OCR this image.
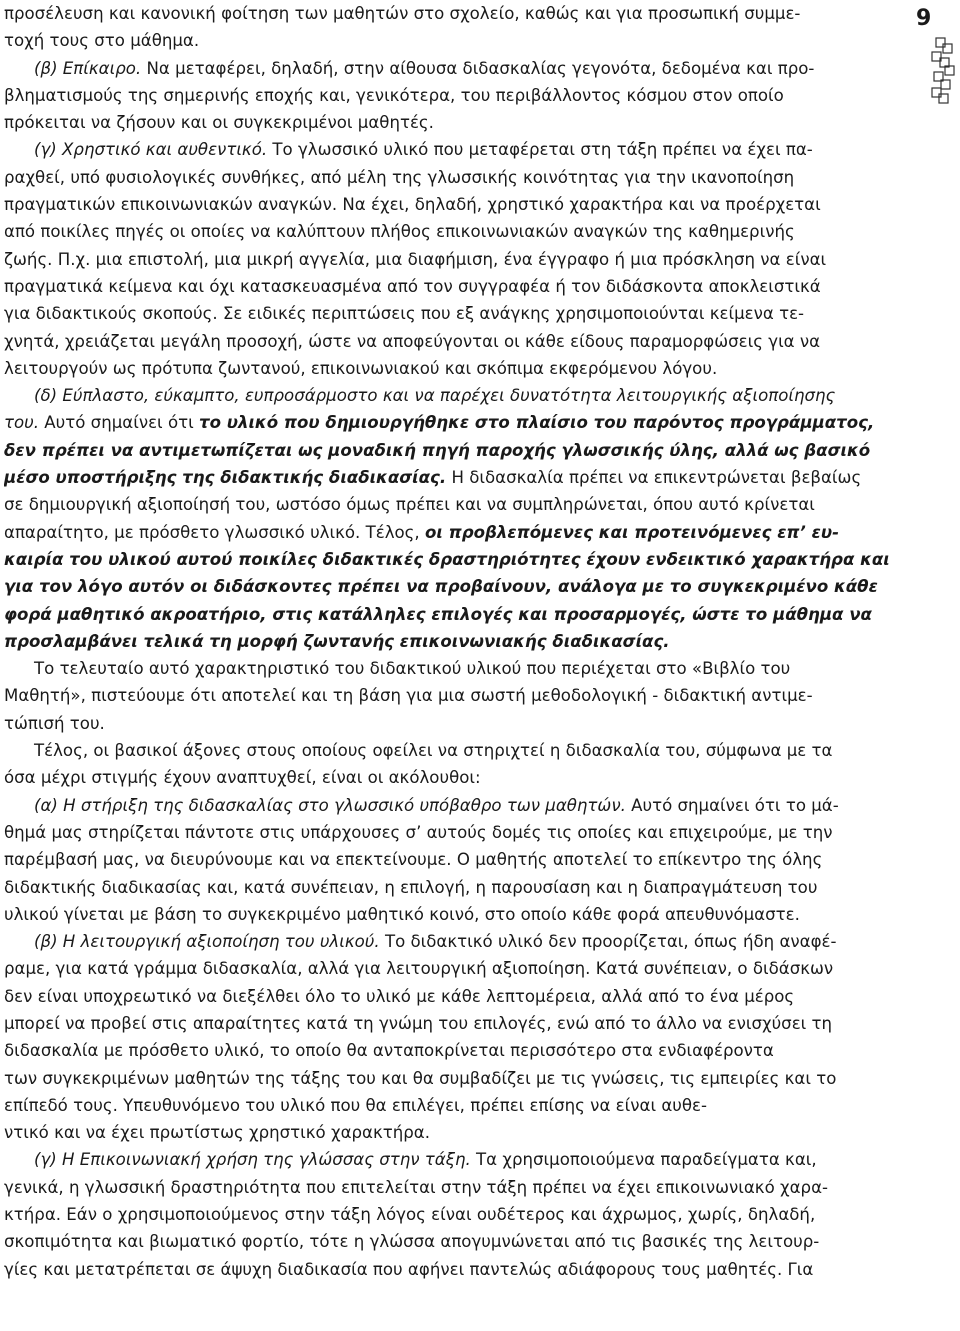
9
προσέλευση και κανονική φοίτηση των μαθητών στο σχολείο, καθώς και για προσωπική συμμε-
τοχή τους στο μάθημα.
(β) Επίκαιρο. Να μεταφέρει, δηλαδή, στην αίθουσα διδασκαλίας γεγονότα, δεδομένα και προ-
βληματισμούς της σημερινής εποχής και, γενικότερα, του περιβάλλοντος κόσμου στον οποίο
πρόκειται να ζήσουν και οι συγκεκριμένοι μαθητές.
(γ) Χρηστικό και αυθεντικό. Το γλωσσικό υλικό που μεταφέρεται στη τάξη πρέπει να έχει πα-
ραχθεί, υπό φυσιολογικές συνθήκες, από μέλη της γλωσσικής κοινότητας για την ικανοποίηση
πραγματικών επικοινωνιακών αναγκών. Να έχει, δηλαδή, χρηστικό χαρακτήρα και να προέρχεται
από ποικίλες πηγές οι οποίες να καλύπτουν πλήθος επικοινωνιακών αναγκών της καθημερινής
ζωής. Π.χ. μια επιστολή, μια μικρή αγγελία, μια διαφήμιση, ένα έγγραφο ή μια πρόσκληση να είναι
πραγματικά κείμενα και όχι κατασκευασμένα από τον συγγραφέα ή τον διδάσκοντα αποκλειστικά
για διδακτικούς σκοπούς. Σε ειδικές περιπτώσεις που εξ ανάγκης χρησιμοποιούνται κείμενα τε-
χνητά, χρειάζεται μεγάλη προσοχή, ώστε να αποφεύγονται οι κάθε είδους παραμορφώσεις για να
λειτουργούν ως πρότυπα ζωντανού, επικοινωνιακού και σκόπιμα εκφερόμενου λόγου.
(δ) Εύπλαστο, εύκαμπτο, ευπροσάρμοστο και να παρέχει δυνατότητα λειτουργικής αξιοποίησης
του. Αυτό σημαίνει ότι το υλικό που δημιουργήθηκε στο πλαίσιο του παρόντος προγράμματος,
δεν πρέπει να αντιμετωπίζεται ως μοναδική πηγή παροχής γλωσσικής ύλης, αλλά ως βασικό
μέσο υποστήριξης της διδακτικής διαδικασίας. Η διδασκαλία πρέπει να επικεντρώνεται βεβαίως
σε δημιουργική αξιοποίησή του, ωστόσο όμως πρέπει και να συμπληρώνεται, όπου αυτό κρίνεται
απαραίτητο, με πρόσθετο γλωσσικό υλικό. Τέλος, οι προβλεπόμενες και προτεινόμενες επ’ ευ-
καιρία του υλικού αυτού ποικίλες διδακτικές δραστηριότητες έχουν ενδεικτικό χαρακτήρα και
για τον λόγο αυτόν οι διδάσκοντες πρέπει να προβαίνουν, ανάλογα με το συγκεκριμένο κάθε
φορά μαθητικό ακροατήριο, στις κατάλληλες επιλογές και προσαρμογές, ώστε το μάθημα να
προσλαμβάνει τελικά τη μορφή ζωντανής επικοινωνιακής διαδικασίας.
Το τελευταίο αυτό χαρακτηριστικό του διδακτικού υλικού που περιέχεται στο «Βιβλίο του
Μαθητή», πιστεύουμε ότι αποτελεί και τη βάση για μια σωστή μεθοδολογική - διδακτική αντιμε-
τώπισή του.
Τέλος, οι βασικοί άξονες στους οποίους οφείλει να στηριχτεί η διδασκαλία του, σύμφωνα με τα
όσα μέχρι στιγμής έχουν αναπτυχθεί, είναι οι ακόλουθοι:
(α) Η στήριξη της διδασκαλίας στο γλωσσικό υπόβαθρο των μαθητών. Αυτό σημαίνει ότι το μά-
θημά μας στηρίζεται πάντοτε στις υπάρχουσες σ’ αυτούς δομές τις οποίες και επιχειρούμε, με την
παρέμβασή μας, να διευρύνουμε και να επεκτείνουμε. Ο μαθητής αποτελεί το επίκεντρο της όλης
διδακτικής διαδικασίας και, κατά συνέπειαν, η επιλογή, η παρουσίαση και η διαπραγμάτευση του
υλικού γίνεται με βάση το συγκεκριμένο μαθητικό κοινό, στο οποίο κάθε φορά απευθυνόμαστε.
(β) Η λειτουργική αξιοποίηση του υλικού. Το διδακτικό υλικό δεν προορίζεται, όπως ήδη αναφέ-
ραμε, για κατά γράμμα διδασκαλία, αλλά για λειτουργική αξιοποίηση. Κατά συνέπειαν, ο διδάσκων
δεν είναι υποχρεωτικό να διεξέλθει όλο το υλικό με κάθε λεπτομέρεια, αλλά από το ένα μέρος
μπορεί να προβεί στις απαραίτητες κατά τη γνώμη του επιλογές, ενώ από το άλλο να ενισχύσει τη
διδασκαλία με πρόσθετο υλικό, το οποίο θα ανταποκρίνεται περισσότερο στα ενδιαφέροντα
των συγκεκριμένων μαθητών της τάξης του και θα συμβαδίζει με τις γνώσεις, τις εμπειρίες και το
επίπεδό τους. Υπευθυνόμενο του υλικό που θα επιλέγει, πρέπει επίσης να είναι αυθε-
ντικό και να έχει πρωτίστως χρηστικό χαρακτήρα.
(γ) Η Επικοινωνιακή χρήση της γλώσσας στην τάξη. Τα χρησιμοποιούμενα παραδείγματα και,
γενικά, η γλωσσική δραστηριότητα που επιτελείται στην τάξη πρέπει να έχει επικοινωνιακό χαρα-
κτήρα. Εάν ο χρησιμοποιούμενος στην τάξη λόγος είναι ουδέτερος και άχρωμος, χωρίς, δηλαδή,
σκοπιμότητα και βιωματικό φορτίο, τότε η γλώσσα απογυμνώνεται από τις βασικές της λειτουρ-
γίες και μετατρέπεται σε άψυχη διαδικασία που αφήνει παντελώς αδιάφορους τους μαθητές. Για
